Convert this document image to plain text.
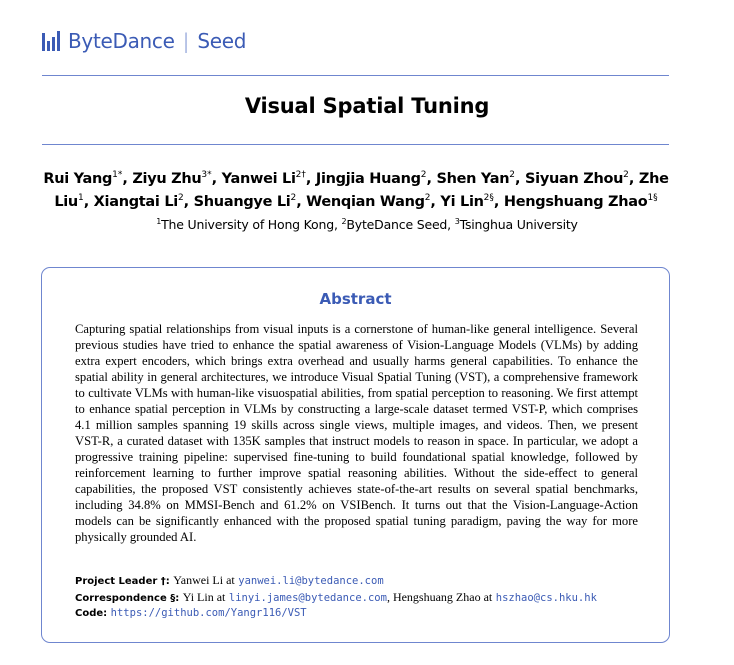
ByteDance | Seed
Visual Spatial Tuning
Rui Yang$^{1*}$, Ziyu Zhu$^{3*}$, Yanwei $Li^{2\dagger}$, Jingjia Huang$^2$, Shen Yan$^2$, Siyuan Zhou$^2$, Zhe Liu$^1$, Xiangtai Li$^2$, Shuangye Li$^2$, Wenqian Wang$^2$, Yi Lin$^{2\S}$, Hengshuang Zhao$^{1\S}$
$^1$The University of Hong Kong, $^2$ByteDance Seed, $^3$Tsinghua University
Abstract
Capturing spatial relationships from visual inputs is a cornerstone of human-like general intelligence. Several previous studies have tried to enhance the spatial awareness of Vision-Language Models (VLMs) by adding extra expert encoders, which brings extra overhead and usually harms general capabilities. To enhance the spatial ability in general architectures, we introduce Visual Spatial Tuning (VST), a comprehensive framework to cultivate VLMs with human-like visuospatial abilities, from spatial perception to reasoning. We first attempt to enhance spatial perception in VLMs by constructing a large-scale dataset termed VST-P, which comprises 4.1 million samples spanning 19 skills across single views, multiple images, and videos. Then, we present VST-R, a curated dataset with 135K samples that instruct models to reason in space. In particular, we adopt a progressive training pipeline: supervised fine-tuning to build foundational spatial knowledge, followed by reinforcement learning to further improve spatial reasoning abilities. Without the side-effect to general capabilities, the proposed VST consistently achieves state-of-the-art results on several spatial benchmarks, including 34.8% on MMSI-Bench and 61.2% on VSIBench. It turns out that the Vision-Language-Action models can be significantly enhanced with the proposed spatial tuning paradigm, paving the way for more physically grounded AI.
Project Leader †: Yanwei Li at yanwei.li@bytedance.com
Correspondence §: Yi Lin at linyi.james@bytedance.com, Hengshuang Zhao at hszhao@cs.hku.hk
Code: https://github.com/Yangr116/VST
